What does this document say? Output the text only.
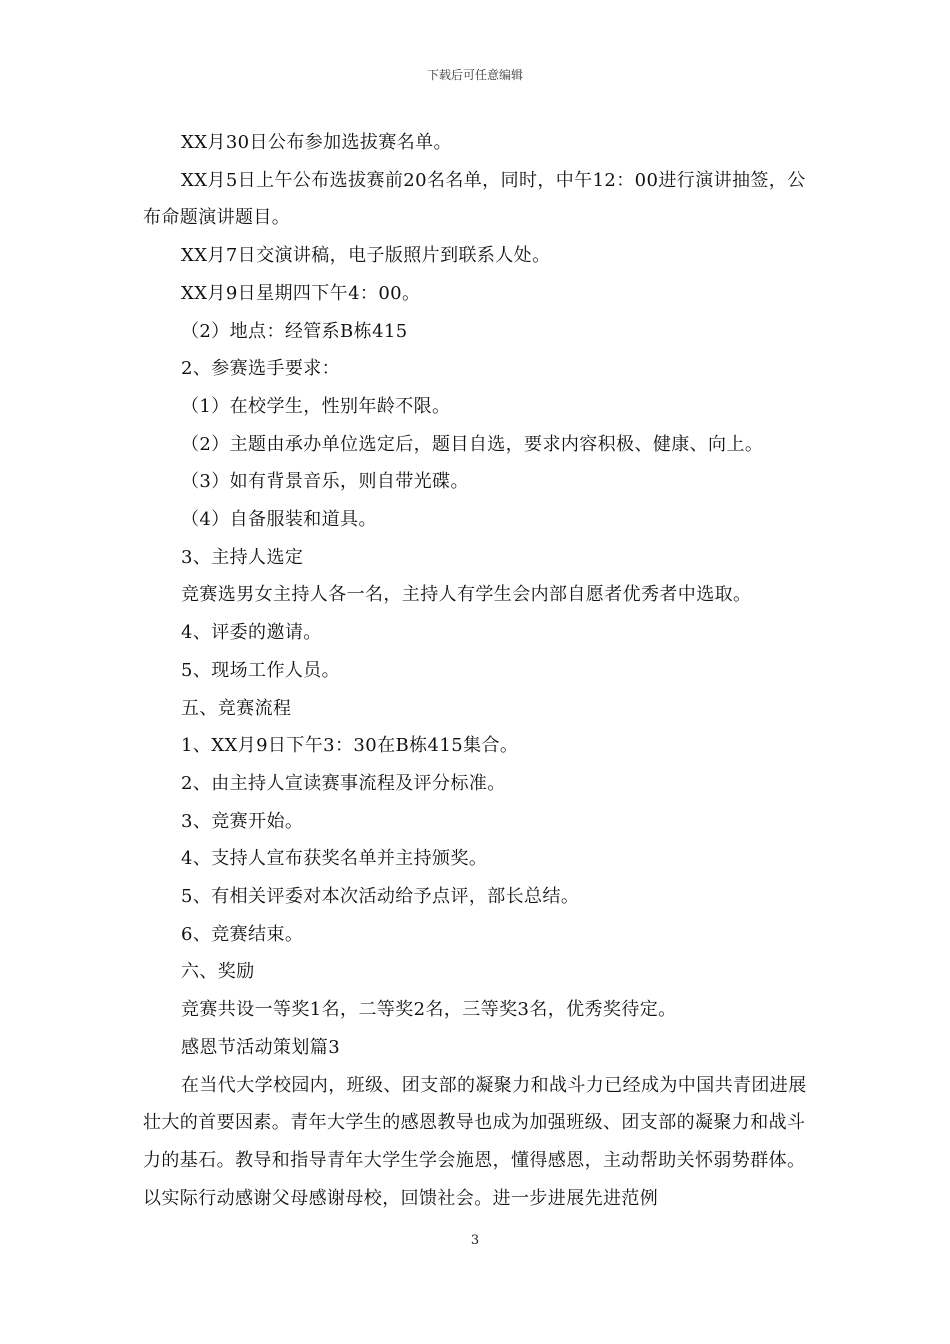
下载后可任意编辑

XX月30日公布参加选拔赛名单。

XX月5日上午公布选拔赛前20名名单，同时，中午12：00进行演讲抽签，公布命题演讲题目。

XX月7日交演讲稿，电子版照片到联系人处。

XX月9日星期四下午4：00。

（2）地点：经管系B栋415

2、参赛选手要求：

（1）在校学生，性别年龄不限。

（2）主题由承办单位选定后，题目自选，要求内容积极、健康、向上。

（3）如有背景音乐，则自带光碟。

（4）自备服装和道具。

3、主持人选定

竞赛选男女主持人各一名，主持人有学生会内部自愿者优秀者中选取。

4、评委的邀请。

5、现场工作人员。

五、竞赛流程

1、XX月9日下午3：30在B栋415集合。

2、由主持人宣读赛事流程及评分标准。

3、竞赛开始。

4、支持人宣布获奖名单并主持颁奖。

5、有相关评委对本次活动给予点评，部长总结。

6、竞赛结束。

六、奖励

竞赛共设一等奖1名，二等奖2名，三等奖3名，优秀奖待定。

感恩节活动策划篇3

在当代大学校园内，班级、团支部的凝聚力和战斗力已经成为中国共青团进展壮大的首要因素。青年大学生的感恩教导也成为加强班级、团支部的凝聚力和战斗力的基石。教导和指导青年大学生学会施恩，懂得感恩，主动帮助关怀弱势群体。以实际行动感谢父母感谢母校，回馈社会。进一步进展先进范例

3
